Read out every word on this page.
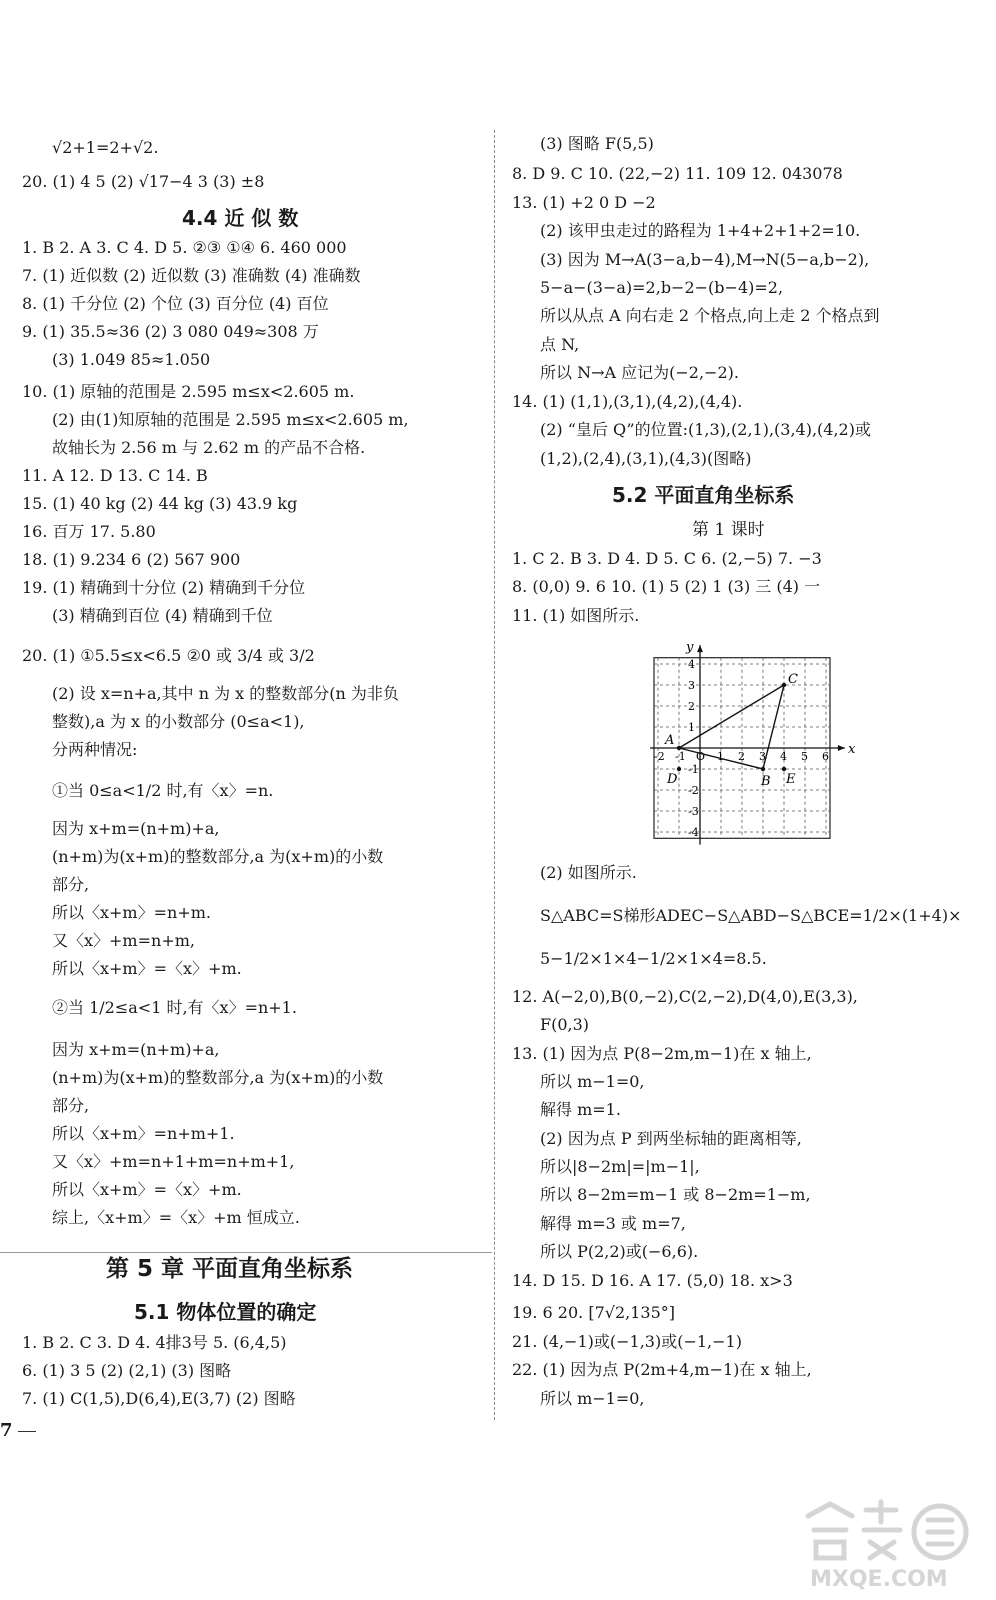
√2+1=2+√2.
20. (1) 4 5 (2) √17−4 3 (3) ±8
4.4 近 似 数
1. B 2. A 3. C 4. D 5. ②③ ①④ 6. 460 000
7. (1) 近似数 (2) 近似数 (3) 准确数 (4) 准确数
8. (1) 千分位 (2) 个位 (3) 百分位 (4) 百位
9. (1) 35.5≈36 (2) 3 080 049≈308 万
(3) 1.049 85≈1.050
10. (1) 原轴的范围是 2.595 m≤x<2.605 m.
(2) 由(1)知原轴的范围是 2.595 m≤x<2.605 m,
故轴长为 2.56 m 与 2.62 m 的产品不合格.
11. A 12. D 13. C 14. B
15. (1) 40 kg (2) 44 kg (3) 43.9 kg
16. 百万 17. 5.80
18. (1) 9.234 6 (2) 567 900
19. (1) 精确到十分位 (2) 精确到千分位
(3) 精确到百位 (4) 精确到千位
20. (1) ①5.5≤x<6.5 ②0 或 3/4 或 3/2
(2) 设 x=n+a,其中 n 为 x 的整数部分(n 为非负
整数),a 为 x 的小数部分 (0≤a<1),
分两种情况:
①当 0≤a<1/2 时,有〈x〉=n.
因为 x+m=(n+m)+a,
(n+m)为(x+m)的整数部分,a 为(x+m)的小数
部分,
所以〈x+m〉=n+m.
又〈x〉+m=n+m,
所以〈x+m〉=〈x〉+m.
②当 1/2≤a<1 时,有〈x〉=n+1.
因为 x+m=(n+m)+a,
(n+m)为(x+m)的整数部分,a 为(x+m)的小数
部分,
所以〈x+m〉=n+m+1.
又〈x〉+m=n+1+m=n+m+1,
所以〈x+m〉=〈x〉+m.
综上,〈x+m〉=〈x〉+m 恒成立.
第 5 章 平面直角坐标系
5.1 物体位置的确定
1. B 2. C 3. D 4. 4排3号 5. (6,4,5)
6. (1) 3 5 (2) (2,1) (3) 图略
7. (1) C(1,5),D(6,4),E(3,7) (2) 图略
(3) 图略 F(5,5)
8. D 9. C 10. (22,−2) 11. 109 12. 043078
13. (1) +2 0 D −2
(2) 该甲虫走过的路程为 1+4+2+1+2=10.
(3) 因为 M→A(3−a,b−4),M→N(5−a,b−2),
5−a−(3−a)=2,b−2−(b−4)=2,
所以从点 A 向右走 2 个格点,向上走 2 个格点到
点 N,
所以 N→A 应记为(−2,−2).
14. (1) (1,1),(3,1),(4,2),(4,4).
(2) “皇后 Q”的位置:(1,3),(2,1),(3,4),(4,2)或
(1,2),(2,4),(3,1),(4,3)(图略)
5.2 平面直角坐标系
第 1 课时
1. C 2. B 3. D 4. D 5. C 6. (2,−5) 7. −3
8. (0,0) 9. 6 10. (1) 5 (2) 1 (3) 三 (4) 一
11. (1) 如图所示.
(2) 如图所示.
S△ABC=S梯形ADEC−S△ABD−S△BCE=1/2×(1+4)×
5−1/2×1×4−1/2×1×4=8.5.
12. A(−2,0),B(0,−2),C(2,−2),D(4,0),E(3,3),
F(0,3)
13. (1) 因为点 P(8−2m,m−1)在 x 轴上,
所以 m−1=0,
解得 m=1.
(2) 因为点 P 到两坐标轴的距离相等,
所以|8−2m|=|m−1|,
所以 8−2m=m−1 或 8−2m=1−m,
解得 m=3 或 m=7,
所以 P(2,2)或(−6,6).
14. D 15. D 16. A 17. (5,0) 18. x>3
19. 6 20. [7√2,135°]
21. (4,−1)或(−1,3)或(−1,−1)
22. (1) 因为点 P(2m+4,m−1)在 x 轴上,
所以 m−1=0,
x
y
-2 -1 O 1 2 3 4 5 6
4
3
2
1
-1
-2
-3
-4
A
B
C
D	E
7
MXQE.COM
